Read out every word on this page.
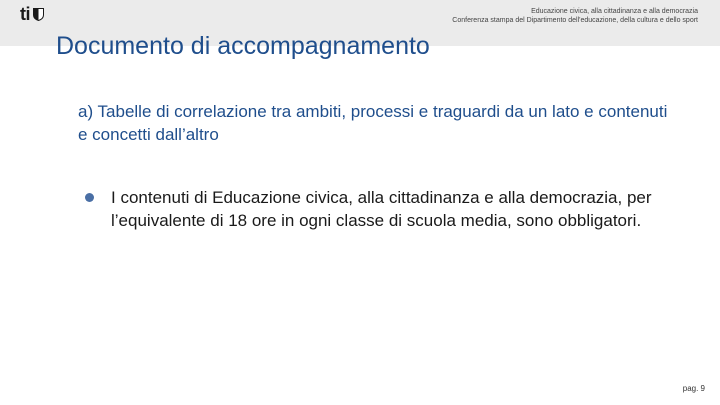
ti	Educazione civica, alla cittadinanza e alla democrazia
Conferenza stampa del Dipartimento dell'educazione, della cultura e dello sport
Documento di accompagnamento

a) Tabelle di correlazione tra ambiti, processi e traguardi da un lato e contenuti e concetti dall’altro

I contenuti di Educazione civica, alla cittadinanza e alla democrazia, per l’equivalente di 18 ore in ogni classe di scuola media, sono obbligatori.
pag. 9
